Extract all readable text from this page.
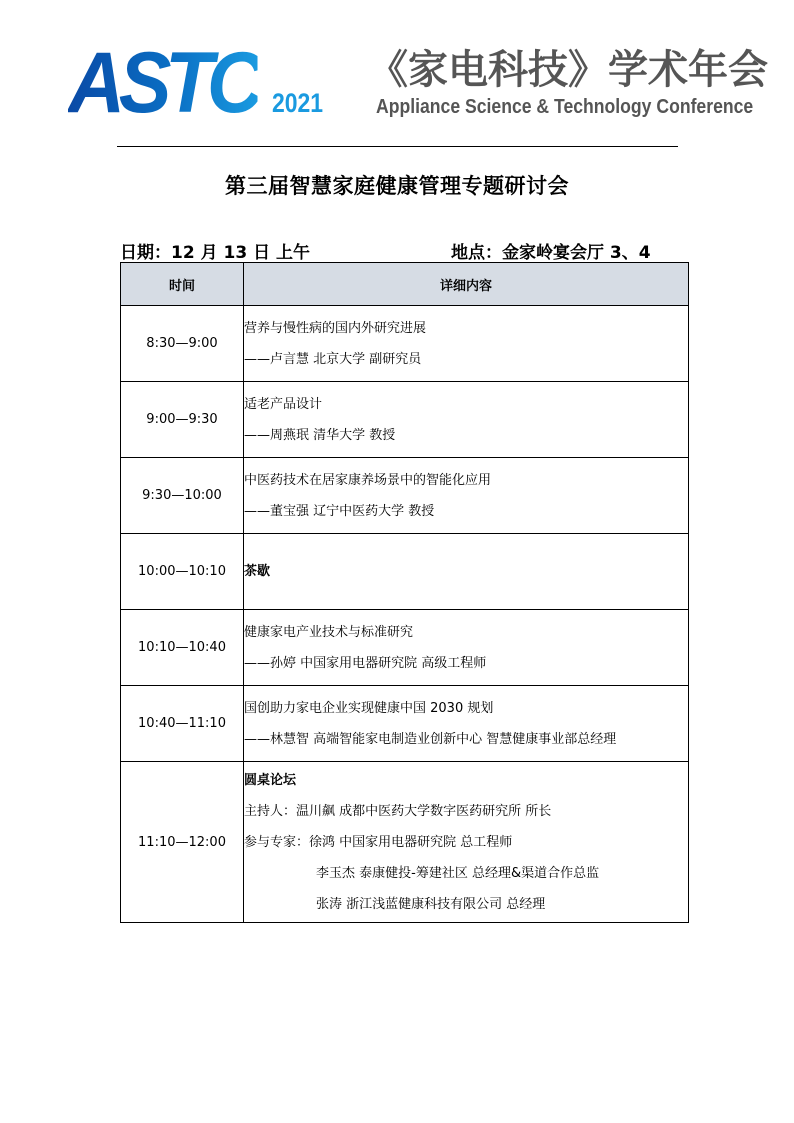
ASTC 2021
《家电科技》学术年会
Appliance Science & Technology Conference
第三届智慧家庭健康管理专题研讨会
日期：12 月 13 日 上午	地点：金家岭宴会厅 3、4
时间	详细内容
8:30—9:00	营养与慢性病的国内外研究进展
——卢言慧 北京大学 副研究员

9:00—9:30	适老产品设计
——周燕珉 清华大学 教授

9:30—10:00	中医药技术在居家康养场景中的智能化应用
——董宝强 辽宁中医药大学 教授

10:00—10:10	茶歇

10:10—10:40	健康家电产业技术与标准研究
——孙婷 中国家用电器研究院 高级工程师

10:40—11:10	国创助力家电企业实现健康中国 2030 规划
——林慧智 高端智能家电制造业创新中心 智慧健康事业部总经理

11:10—12:00	圆桌论坛
主持人：温川飙 成都中医药大学数字医药研究所 所长
参与专家：徐鸿 中国家用电器研究院 总工程师
李玉杰 泰康健投-筹建社区 总经理&渠道合作总监
张涛 浙江浅蓝健康科技有限公司 总经理
